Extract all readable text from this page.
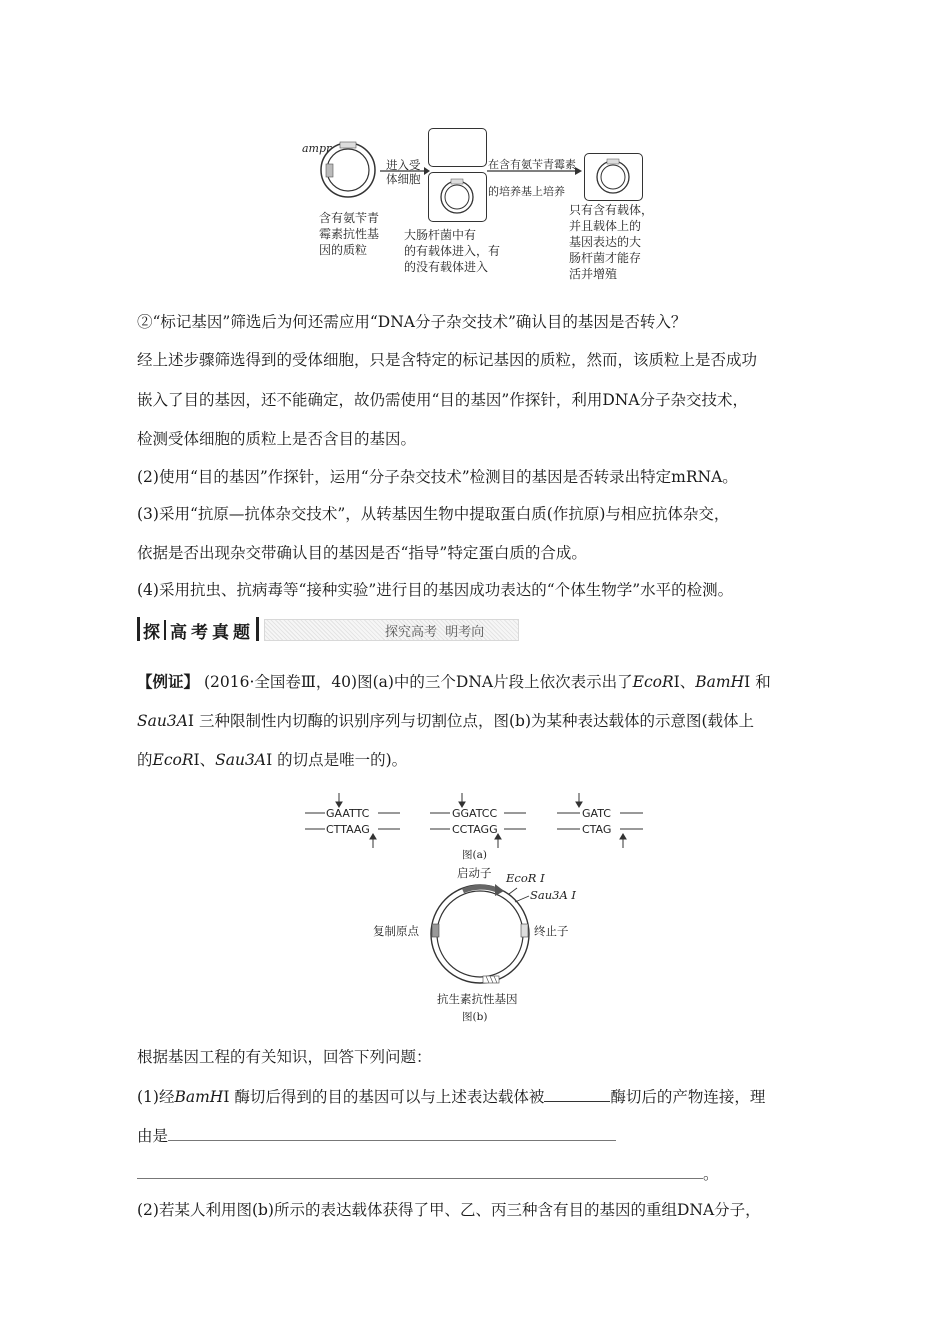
ampr
进入受
体细胞
在含有氨苄青霉素
的培养基上培养
含有氨苄青
霉素抗性基
因的质粒
大肠杆菌中有
的有载体进入，有
的没有载体进入
只有含有载体，
并且载体上的
基因表达的大
肠杆菌才能存
活并增殖
②“标记基因”筛选后为何还需应用“DNA分子杂交技术”确认目的基因是否转入？
经上述步骤筛选得到的受体细胞，只是含特定的标记基因的质粒，然而，该质粒上是否成功
嵌入了目的基因，还不能确定，故仍需使用“目的基因”作探针，利用DNA分子杂交技术，
检测受体细胞的质粒上是否含目的基因。
(2)使用“目的基因”作探针，运用“分子杂交技术”检测目的基因是否转录出特定mRNA。
(3)采用“抗原—抗体杂交技术”，从转基因生物中提取蛋白质(作抗原)与相应抗体杂交，
依据是否出现杂交带确认目的基因是否“指导”特定蛋白质的合成。
(4)采用抗虫、抗病毒等“接种实验”进行目的基因成功表达的“个体生物学”水平的检测。
探 高 考 真 题	探究高考  明考向
【例证】 (2016·全国卷Ⅲ，40)图(a)中的三个DNA片段上依次表示出了EcoRⅠ、BamHⅠ 和
Sau3AⅠ 三种限制性内切酶的识别序列与切割位点，图(b)为某种表达载体的示意图(载体上
的EcoRⅠ、Sau3AⅠ 的切点是唯一的)。
GAATTC
CTTAAG
GGATCC
CCTAGG
GATC
CTAG
图(a)
启动子 EcoR Ⅰ
Sau3A Ⅰ
复制原点	终止子
抗生素抗性基因
图(b)
根据基因工程的有关知识，回答下列问题：
(1)经BamHⅠ 酶切后得到的目的基因可以与上述表达载体被	酶切后的产物连接，理
由是
。
(2)若某人利用图(b)所示的表达载体获得了甲、乙、丙三种含有目的基因的重组DNA分子，
